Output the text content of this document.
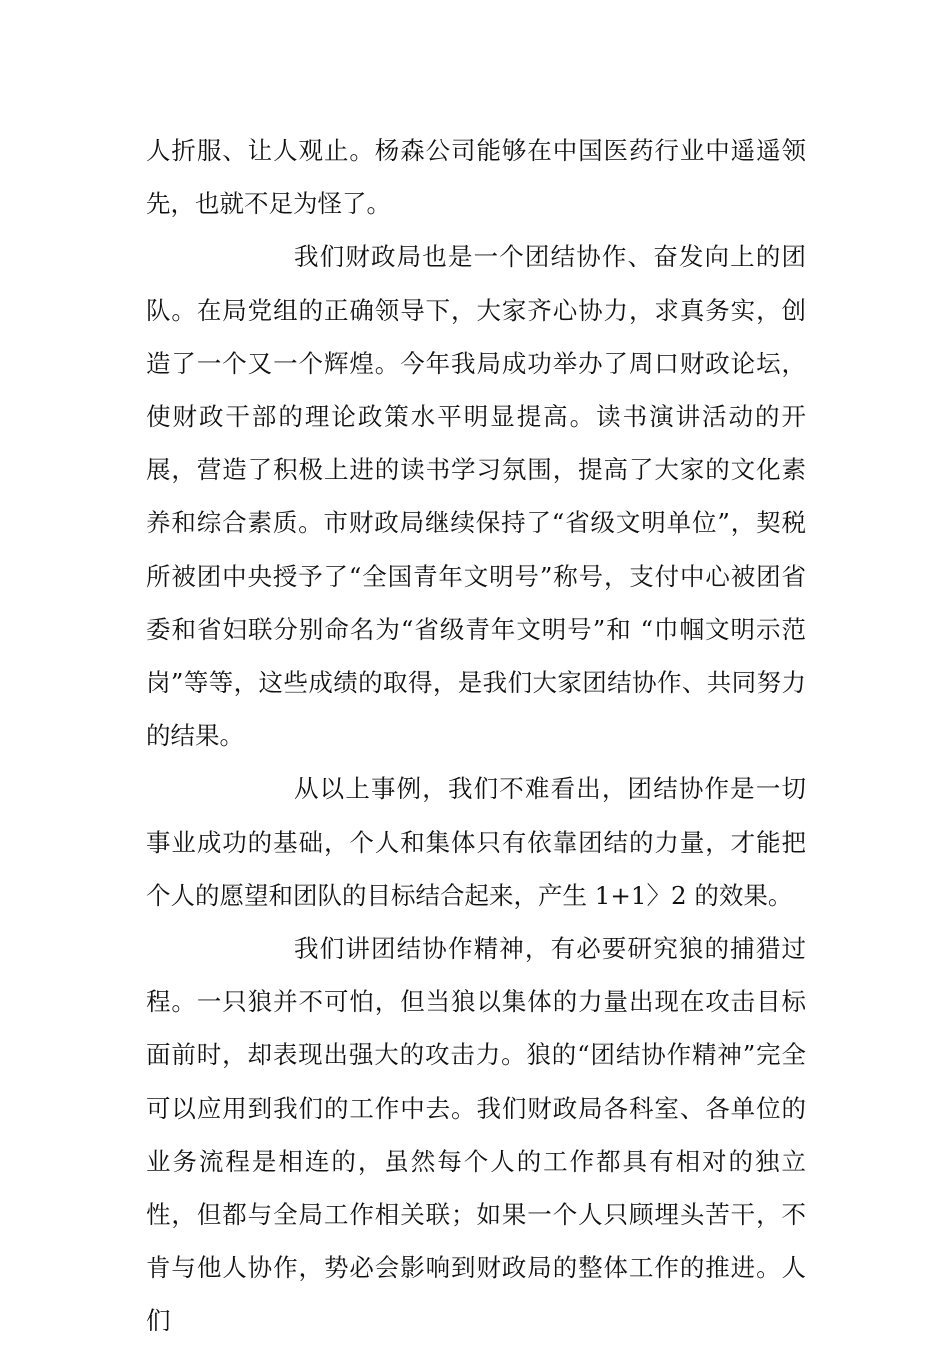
人折服、让人观止。杨森公司能够在中国医药行业中遥遥领先，也就不足为怪了。

我们财政局也是一个团结协作、奋发向上的团队。在局党组的正确领导下，大家齐心协力，求真务实，创造了一个又一个辉煌。今年我局成功举办了周口财政论坛，使财政干部的理论政策水平明显提高。读书演讲活动的开展，营造了积极上进的读书学习氛围，提高了大家的文化素养和综合素质。市财政局继续保持了“省级文明单位”，契税所被团中央授予了“全国青年文明号”称号，支付中心被团省委和省妇联分别命名为“省级青年文明号”和 “巾帼文明示范岗”等等，这些成绩的取得，是我们大家团结协作、共同努力的结果。

从以上事例，我们不难看出，团结协作是一切事业成功的基础，个人和集体只有依靠团结的力量，才能把个人的愿望和团队的目标结合起来，产生 1+1〉2 的效果。

我们讲团结协作精神，有必要研究狼的捕猎过程。一只狼并不可怕，但当狼以集体的力量出现在攻击目标面前时，却表现出强大的攻击力。狼的“团结协作精神”完全可以应用到我们的工作中去。我们财政局各科室、各单位的业务流程是相连的，虽然每个人的工作都具有相对的独立性，但都与全局工作相关联；如果一个人只顾埋头苦干，不肯与他人协作，势必会影响到财政局的整体工作的推进。人们
